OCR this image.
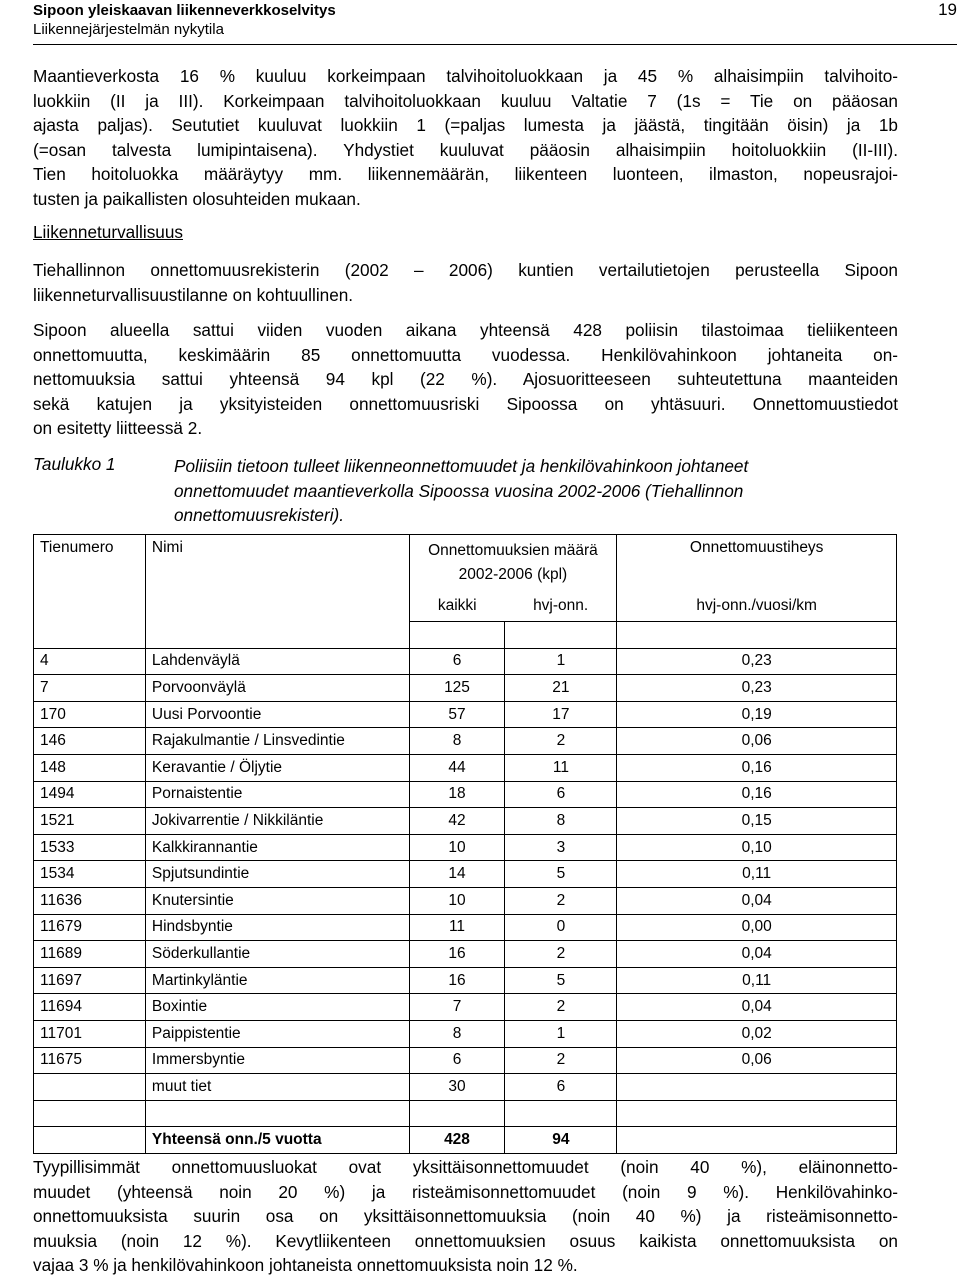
Sipoon yleiskaavan liikenneverkkoselvitys
Liikennejärjestelmän nykytila
19
Maantieverkosta 16 % kuuluu korkeimpaan talvihoitoluokkaan ja 45 % alhaisimpiin talvihoito-
luokkiin (II ja III). Korkeimpaan talvihoitoluokkaan kuuluu Valtatie 7 (1s = Tie on pääosan
ajasta paljas). Seututiet kuuluvat luokkiin 1 (=paljas lumesta ja jäästä, tingitään öisin) ja 1b
(=osan talvesta lumipintaisena). Yhdystiet kuuluvat pääosin alhaisimpiin hoitoluokkiin (II-III).
Tien hoitoluokka määräytyy mm. liikennemäärän, liikenteen luonteen, ilmaston, nopeusrajoi-
tusten ja paikallisten olosuhteiden mukaan.
Liikenneturvallisuus
Tiehallinnon onnettomuusrekisterin (2002 – 2006) kuntien vertailutietojen perusteella Sipoon
liikenneturvallisuustilanne on kohtuullinen.
Sipoon alueella sattui viiden vuoden aikana yhteensä 428 poliisin tilastoimaa tieliikenteen
onnettomuutta, keskimäärin 85 onnettomuutta vuodessa. Henkilövahinkoon johtaneita on-
nettomuuksia sattui yhteensä 94 kpl (22 %). Ajosuoritteeseen suhteutettuna maanteiden
sekä katujen ja yksityisteiden onnettomuusriski Sipoossa on yhtäsuuri. Onnettomuustiedot
on esitetty liitteessä 2.
Taulukko 1	Poliisiin tietoon tulleet liikenneonnettomuudet ja henkilövahinkoon johtaneet
onnettomuudet maantieverkolla Sipoossa vuosina 2002-2006 (Tiehallinnon
onnettomuusrekisteri).
Tienumero	Nimi	Onnettomuuksien määrä 2002-2006 (kpl)		Onnettomuustiheys
		kaikki	hvj-onn.	hvj-onn./vuosi/km

4	Lahdenväylä	6	1	0,23
7	Porvoonväylä	125	21	0,23
170	Uusi Porvoontie	57	17	0,19
146	Rajakulmantie / Linsvedintie	8	2	0,06
148	Keravantie / Öljytie	44	11	0,16
1494	Pornaistentie	18	6	0,16
1521	Jokivarrentie / Nikkiläntie	42	8	0,15
1533	Kalkkirannantie	10	3	0,10
1534	Spjutsundintie	14	5	0,11
11636	Knutersintie	10	2	0,04
11679	Hindsbyntie	11	0	0,00
11689	Söderkullantie	16	2	0,04
11697	Martinkyläntie	16	5	0,11
11694	Boxintie	7	2	0,04
11701	Paippistentie	8	1	0,02
11675	Immersbyntie	6	2	0,06
	muut tiet	30	6	

	Yhteensä onn./5 vuotta	428	94	
Tyypillisimmät onnettomuusluokat ovat yksittäisonnettomuudet (noin 40 %), eläinonnetto-
muudet (yhteensä noin 20 %) ja risteämisonnettomuudet (noin 9 %). Henkilövahinko-
onnettomuuksista suurin osa on yksittäisonnettomuuksia (noin 40 %) ja risteämisonnetto-
muuksia (noin 12 %). Kevytliikenteen onnettomuuksien osuus kaikista onnettomuuksista on
vajaa 3 % ja henkilövahinkoon johtaneista onnettomuuksista noin 12 %.
